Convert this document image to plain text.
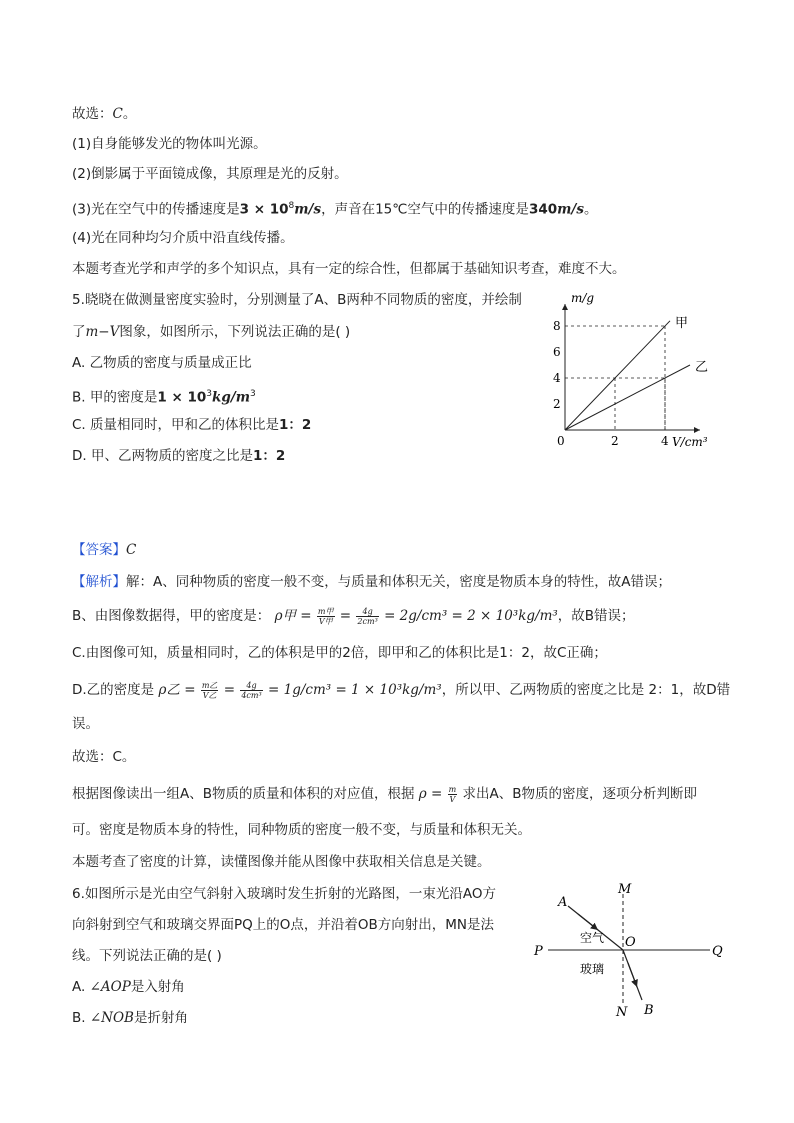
故选：C。
(1)自身能够发光的物体叫光源。
(2)倒影属于平面镜成像，其原理是光的反射。
(3)光在空气中的传播速度是$3 \times 10^8m/s$，声音在15℃空气中的传播速度是340m/s。
(4)光在同种均匀介质中沿直线传播。
本题考查光学和声学的多个知识点，具有一定的综合性，但都属于基础知识考查，难度不大。
5.晓晓在做测量密度实验时，分别测量了A、B两种不同物质的密度，并绘制
了m−V图象，如图所示，下列说法正确的是( )
A. 乙物质的密度与质量成正比
B. 甲的密度是$1 \times 10^3kg/m^3$
C. 质量相同时，甲和乙的体积比是1：2
D. 甲、乙两物质的密度之比是1：2
2
4
6
8
0	2	4
甲
乙
m/g
V/cm³
【答案】C
【解析】解：A、同种物质的密度一般不变，与质量和体积无关，密度是物质本身的特性，故A错误；
B、由图像数据得，甲的密度是： ρ甲 = $\frac{\text{m甲}}{\text{V甲}} = \frac{4g}{\text{2cm³}} = 2g/cm^3 = 2 \times 10^3kg/m^3$，故B错误；
C.由图像可知，质量相同时，乙的体积是甲的2倍，即甲和乙的体积比是1：2，故C正确；
D.乙的密度是 ρ乙 = $\frac{\text{m乙}}{\text{V乙}} = \frac{4g}{\text{4cm³}} = 1g/cm^3 = 1 \times 10^3kg/m^3$，所以甲、乙两物质的密度之比是 2：1，故D错
误。
故选：C。
根据图像读出一组A、B物质的质量和体积的对应值，根据 $\rho = \frac{m}{V}$ 求出A、B物质的密度，逐项分析判断即
可。密度是物质本身的特性，同种物质的密度一般不变，与质量和体积无关。
本题考查了密度的计算，读懂图像并能从图像中获取相关信息是关键。
6.如图所示是光由空气斜射入玻璃时发生折射的光路图，一束光沿AO方
向斜射到空气和玻璃交界面PQ上的O点，并沿着OB方向射出，MN是法
线。下列说法正确的是( )
A. ∠AOP是入射角
B. ∠NOB是折射角
A
B
M
N
O
P	Q
空气
玻璃
